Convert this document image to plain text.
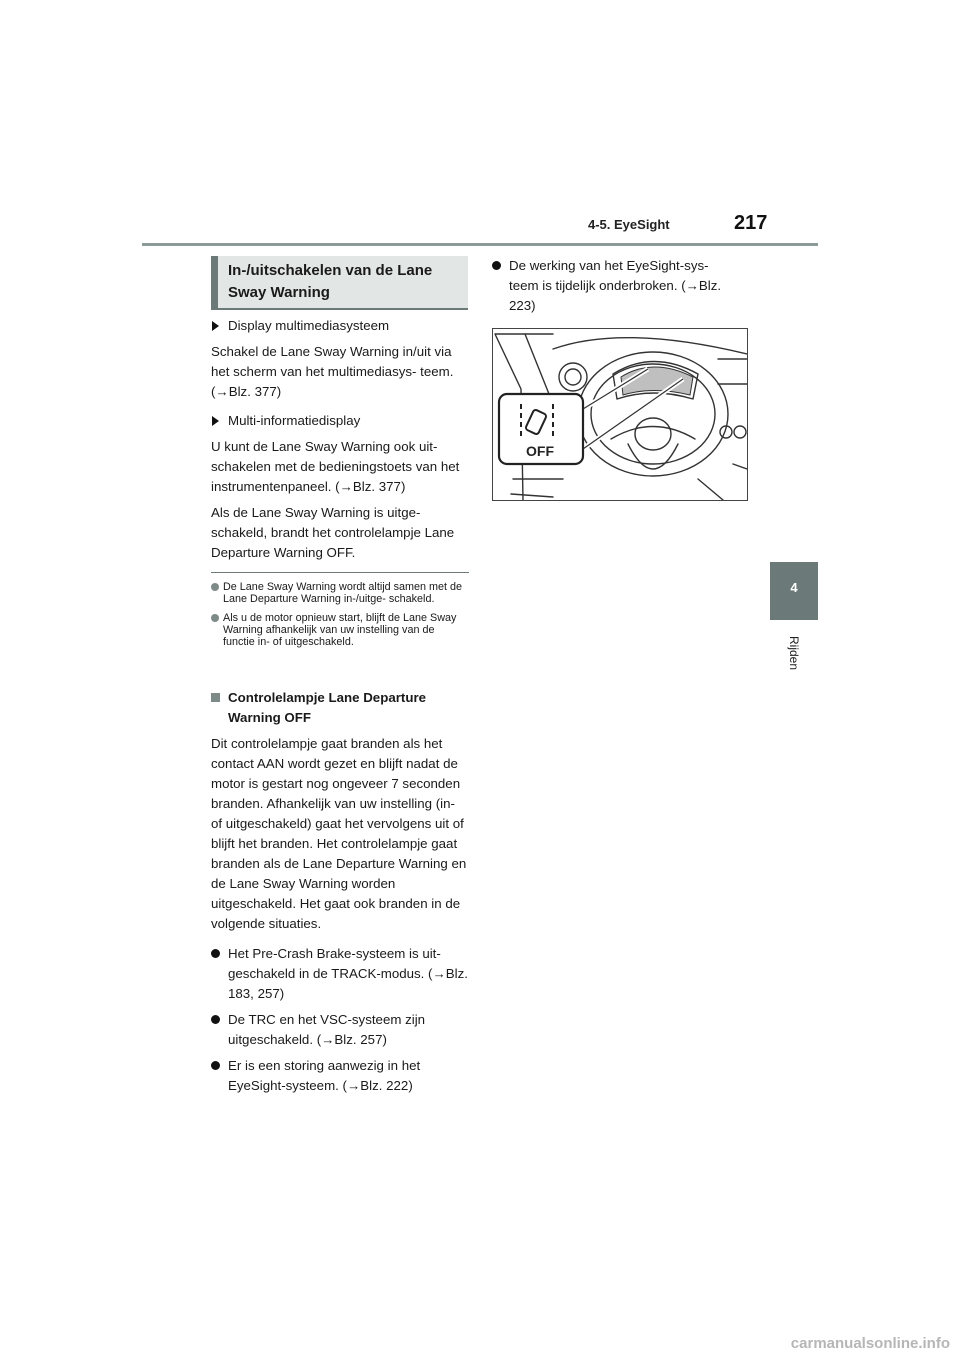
4-5. EyeSight	217
4
Rijden
In-/uitschakelen van de Lane Sway Warning

Display multimediasysteem

Schakel de Lane Sway Warning in/uit via het scherm van het multimediasys- teem. (→Blz. 377)

Multi-informatiedisplay

U kunt de Lane Sway Warning ook uit- schakelen met de bedieningstoets van het instrumentenpaneel. (→Blz. 377)

Als de Lane Sway Warning is uitge- schakeld, brandt het controlelampje Lane Departure Warning OFF.

De Lane Sway Warning wordt altijd samen met de Lane Departure Warning in-/uitge- schakeld.
Als u de motor opnieuw start, blijft de Lane Sway Warning afhankelijk van uw instelling van de functie in- of uitgeschakeld.
Controlelampje Lane Departure Warning OFF

Dit controlelampje gaat branden als het contact AAN wordt gezet en blijft nadat de motor is gestart nog ongeveer 7 seconden branden. Afhankelijk van uw instelling (in- of uitgeschakeld) gaat het vervolgens uit of blijft het branden. Het controlelampje gaat branden als de Lane Departure Warning en de Lane Sway Warning worden uitgeschakeld. Het gaat ook branden in de volgende situaties.

Het Pre-Crash Brake-systeem is uit- geschakeld in de TRACK-modus. (→Blz. 183, 257)

De TRC en het VSC-systeem zijn uitgeschakeld. (→Blz. 257)

Er is een storing aanwezig in het EyeSight-systeem. (→Blz. 222)

De werking van het EyeSight-sys- teem is tijdelijk onderbroken. (→Blz. 223)

OFF
carmanualsonline.info
